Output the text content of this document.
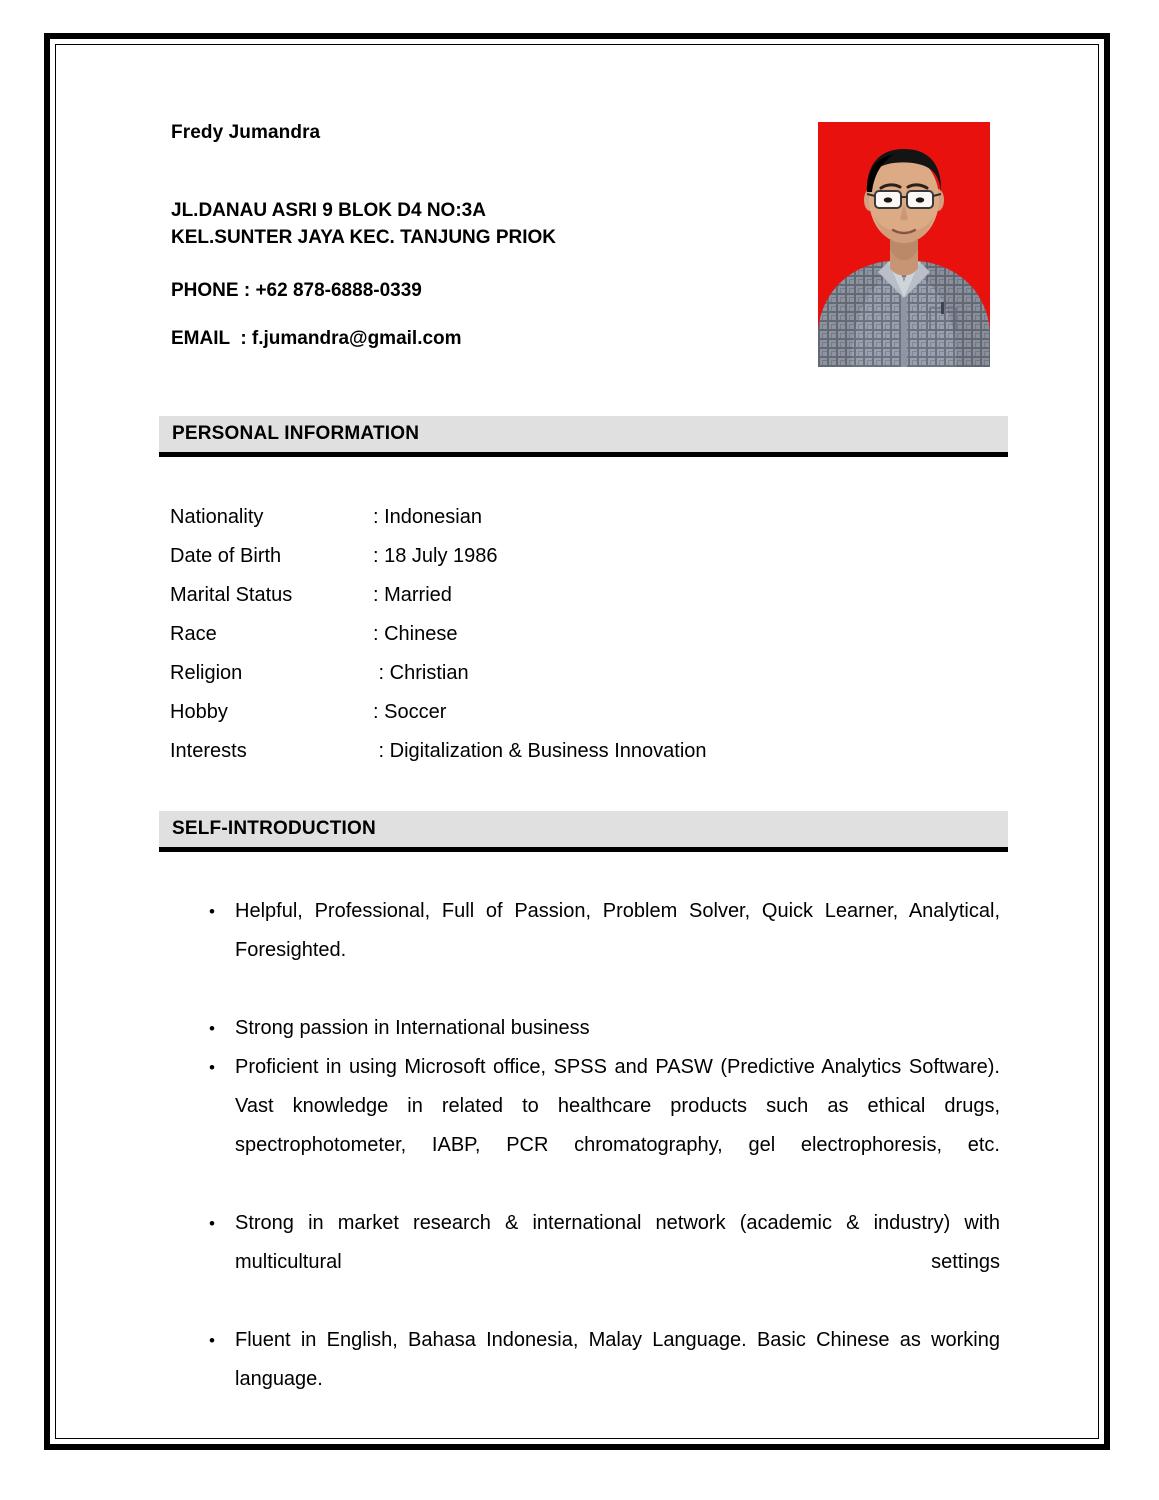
Fredy Jumandra
JL.DANAU ASRI 9 BLOK D4 NO:3A
KEL.SUNTER JAYA KEC. TANJUNG PRIOK
PHONE : +62 878-6888-0339
EMAIL  : f.jumandra@gmail.com
PERSONAL INFORMATION
Nationality	: Indonesian
Date of Birth	: 18 July 1986
Marital Status	: Married
Race	: Chinese
Religion	: Christian
Hobby	: Soccer
Interests	: Digitalization & Business Innovation
SELF-INTRODUCTION
• Helpful, Professional, Full of Passion, Problem Solver, Quick Learner, Analytical, Foresighted.
• Strong passion in International business
• Proficient in using Microsoft office, SPSS and PASW (Predictive Analytics Software). Vast knowledge in related to healthcare products such as ethical drugs, spectrophotometer, IABP, PCR chromatography, gel electrophoresis, etc.
• Strong in market research & international network (academic & industry) with multicultural settings
• Fluent in English, Bahasa Indonesia, Malay Language. Basic Chinese as working language.
